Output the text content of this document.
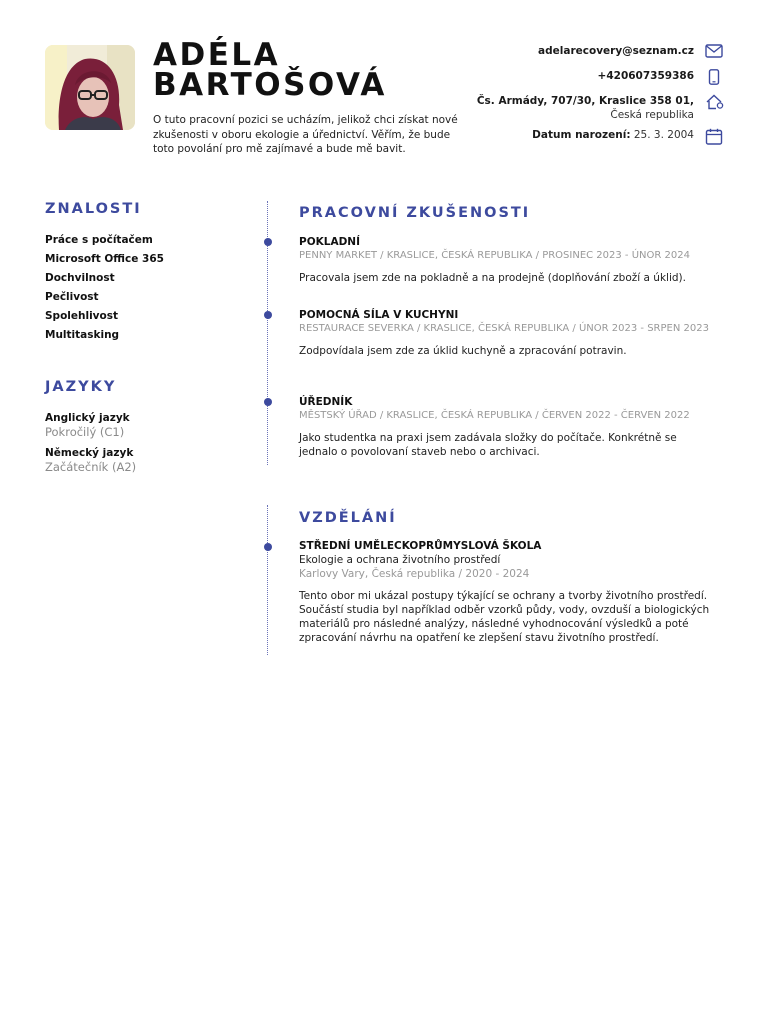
ADÉLA
BARTOŠOVÁ
O tuto pracovní pozici se ucházím, jelikož chci získat nové zkušenosti v oboru ekologie a úřednictví. Věřím, že bude toto povolání pro mě zajímavé a bude mě bavit.
adelarecovery@seznam.cz
+420607359386
Čs. Armády, 707/30, Kraslice 358 01,
Česká republika
Datum narození: 25. 3. 2004
ZNALOSTI
Práce s počítačem
Microsoft Office 365
Dochvilnost
Pečlivost
Spolehlivost
Multitasking
JAZYKY
Anglický jazyk
Pokročilý (C1)
Německý jazyk
Začátečník (A2)
PRACOVNÍ ZKUŠENOSTI
POKLADNÍ
PENNY MARKET / KRASLICE, ČESKÁ REPUBLIKA / PROSINEC 2023 - ÚNOR 2024
Pracovala jsem zde na pokladně a na prodejně (doplňování zboží a úklid).
POMOCNÁ SÍLA V KUCHYNI
RESTAURACE SEVERKA / KRASLICE, ČESKÁ REPUBLIKA / ÚNOR 2023 - SRPEN 2023
Zodpovídala jsem zde za úklid kuchyně a zpracování potravin.
ÚŘEDNÍK
MĚSTSKÝ ÚŘAD / KRASLICE, ČESKÁ REPUBLIKA / ČERVEN 2022 - ČERVEN 2022
Jako studentka na praxi jsem zadávala složky do počítače. Konkrétně se jednalo o povolovaní staveb nebo o archivaci.
VZDĚLÁNÍ
STŘEDNÍ UMĚLECKOPRŮMYSLOVÁ ŠKOLA
Ekologie a ochrana životního prostředí
Karlovy Vary, Česká republika / 2020 - 2024
Tento obor mi ukázal postupy týkající se ochrany a tvorby životního prostředí. Součástí studia byl například odběr vzorků půdy, vody, ovzduší a biologických materiálů pro následné analýzy, následné vyhodnocování výsledků a poté zpracování návrhu na opatření ke zlepšení stavu životního prostředí.
